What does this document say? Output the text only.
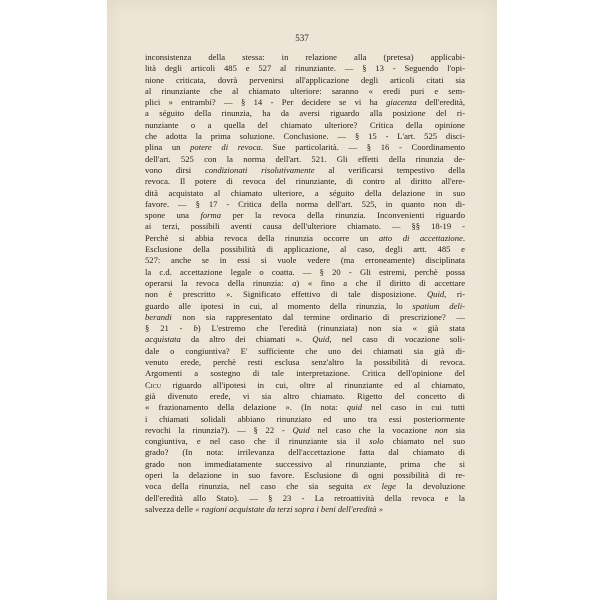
537
inconsistenza della stessa: in relazione alla (pretesa) applicabi-
lità degli articoli 485 e 527 al rinunziante. — § 13 - Seguendo l'opi-
nione criticata, dovrà pervenirsi all'applicazione degli articoli citati sia
al rinunziante che al chiamato ulteriore: saranno « eredi puri e sem-
plici » entrambi? — § 14 - Per decidere se vi ha giacenza dell'eredità,
a séguito della rinunzia, ha da aversi riguardo alla posizione del ri-
nunziante o a quella del chiamato ulteriore? Critica della opinione
che adotta la prima soluzione. Conclusione. — § 15 - L'art. 525 disci-
plina un potere di revoca. Sue particolarità. — § 16 - Coordinamento
dell'art. 525 con la norma dell'art. 521. Gli effetti della rinunzia de-
vono dirsi condizionati risolutivamente al verificarsi tempestivo della
revoca. Il potere di revoca del rinunziante, di contro al diritto all'ere-
dità acquistato al chiamato ulteriore, a séguito della delazione in suo
favore. — § 17 - Critica della norma dell'art. 525, in quanto non di-
spone una forma per la revoca della rinunzia. Inconvenienti riguardo
ai terzi, possibili aventi causa dell'ulteriore chiamato. — §§ 18-19 -
Perchè si abbia revoca della rinunzia occorre un atto di accettazione.
Esclusione della possibilità di applicazione, al caso, degli artt. 485 e
527: anche se in essi si vuole vedere (ma erroneamente) disciplinata
la c.d. accettazione legale o coatta. — § 20 - Gli estremi, perchè possa
operarsi la revoca della rinunzia: a) « fino a che il diritto di accettare
non è prescritto ». Significato effettivo di tale disposizione. Quid, ri-
guardo alle ipotesi in cui, al momento della rinunzia, lo spatium deli-
berandi non sia rappresentato dal termine ordinario di prescrizione? —
§ 21 - b) L'estremo che l'eredità (rinunziata) non sia « già stata
acquistata da altro dei chiamati ». Quid, nel caso di vocazione soli-
dale o congiuntiva? E' sufficiente che uno dei chiamati sia già di-
venuto erede, perchè resti esclusa senz'altro la possibilità di revoca.
Argomenti a sostegno di tale interpretazione. Critica dell'opinione del
Cicu riguardo all'ipotesi in cui, oltre al rinunziante ed al chiamato,
già divenuto erede, vi sia altro chiamato. Rigetto del concetto di
« frazionamento della delazione ». (In nota: quid nel caso in cui tutti
i chiamati solidali abbiano rinunziato ed uno tra essi posteriormente
revochi la rinunzia?). — § 22 - Quid nel caso che la vocazione non sia
congiuntiva, e nel caso che il rinunziante sia il solo chiamato nel suo
grado? (In nota: irrilevanza dell'accettazione fatta dal chiamato di
grado non immediatamente successivo al rinunziante, prima che si
operi la delazione in suo favore. Esclusione di ogni possibilità di re-
voca della rinunzia, nel caso che sia seguita ex lege la devoluzione
dell'eredità allo Stato). — § 23 - La retroattività della revoca e la
salvezza delle « ragioni acquistate da terzi sopra i beni dell'eredità »
